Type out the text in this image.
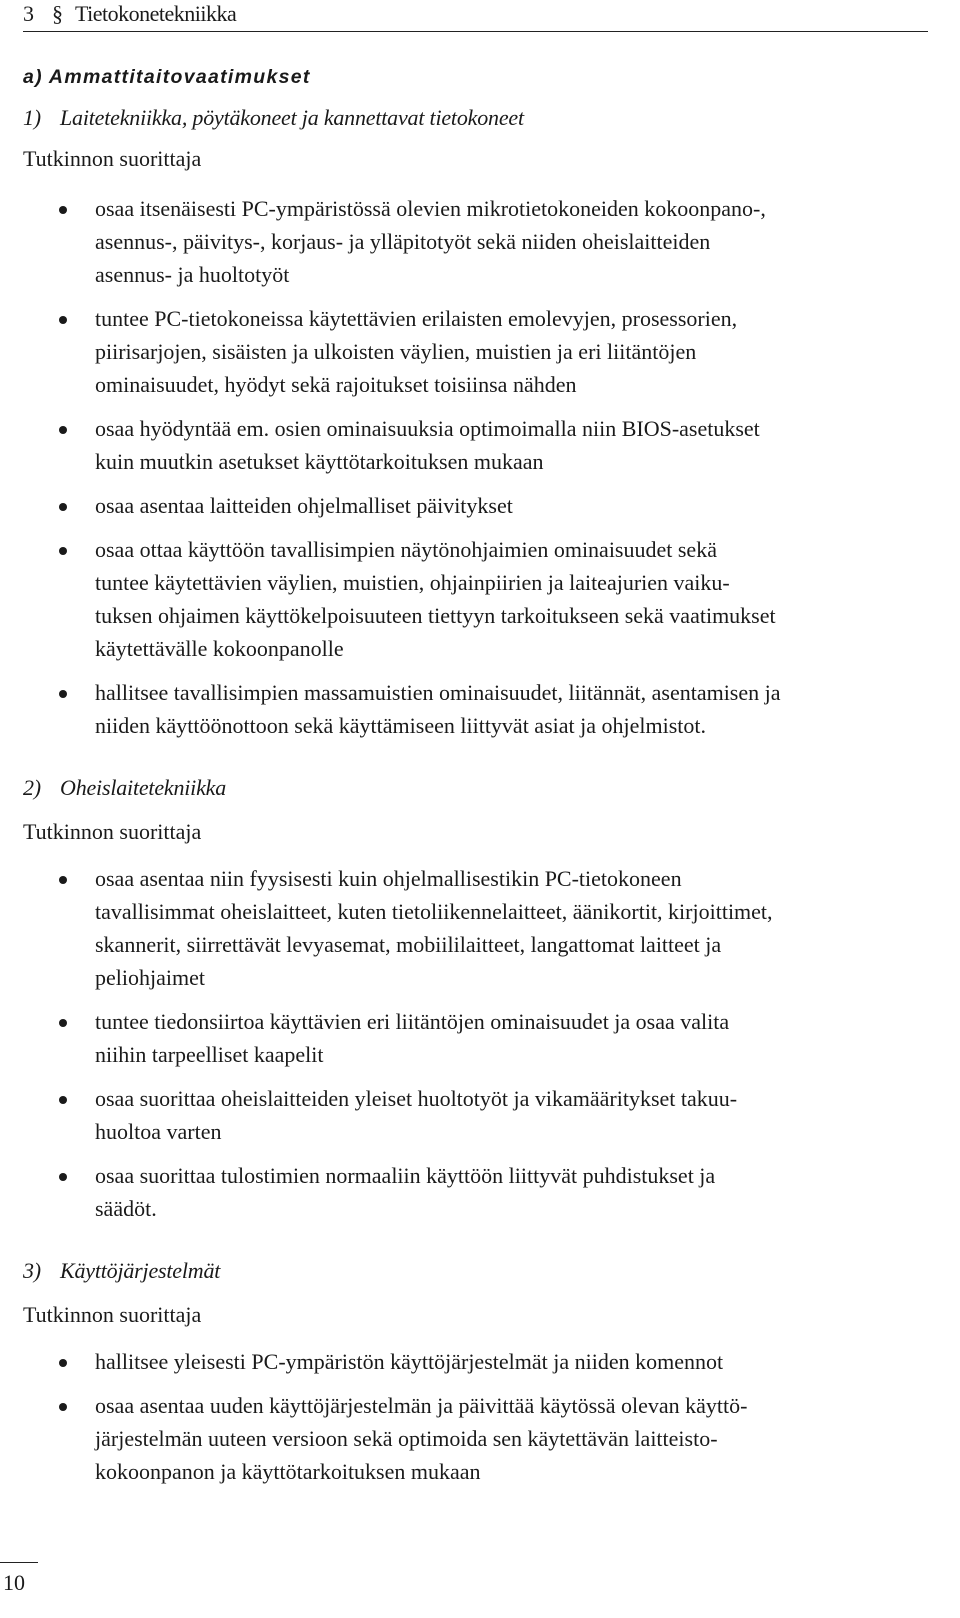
3 § Tietokonetekniikka
a) Ammattitaitovaatimukset
1) Laitetekniikka, pöytäkoneet ja kannettavat tietokoneet
Tutkinnon suorittaja
osaa itsenäisesti PC-ympäristössä olevien mikrotietokoneiden kokoonpano-,
asennus-, päivitys-, korjaus- ja ylläpitotyöt sekä niiden oheislaitteiden
asennus- ja huoltotyöt
tuntee PC-tietokoneissa käytettävien erilaisten emolevyjen, prosessorien,
piirisarjojen, sisäisten ja ulkoisten väylien, muistien ja eri liitäntöjen
ominaisuudet, hyödyt sekä rajoitukset toisiinsa nähden
osaa hyödyntää em. osien ominaisuuksia optimoimalla niin BIOS-asetukset
kuin muutkin asetukset käyttötarkoituksen mukaan
osaa asentaa laitteiden ohjelmalliset päivitykset
osaa ottaa käyttöön tavallisimpien näytönohjaimien ominaisuudet sekä
tuntee käytettävien väylien, muistien, ohjainpiirien ja laiteajurien vaiku-
tuksen ohjaimen käyttökelpoisuuteen tiettyyn tarkoitukseen sekä vaatimukset
käytettävälle kokoonpanolle
hallitsee tavallisimpien massamuistien ominaisuudet, liitännät, asentamisen ja
niiden käyttöönottoon sekä käyttämiseen liittyvät asiat ja ohjelmistot.
2) Oheislaitetekniikka
Tutkinnon suorittaja
osaa asentaa niin fyysisesti kuin ohjelmallisestikin PC-tietokoneen
tavallisimmat oheislaitteet, kuten tietoliikennelaitteet, äänikortit, kirjoittimet,
skannerit, siirrettävät levyasemat, mobiililaitteet, langattomat laitteet ja
peliohjaimet
tuntee tiedonsiirtoa käyttävien eri liitäntöjen ominaisuudet ja osaa valita
niihin tarpeelliset kaapelit
osaa suorittaa oheislaitteiden yleiset huoltotyöt ja vikamääritykset takuu-
huoltoa varten
osaa suorittaa tulostimien normaaliin käyttöön liittyvät puhdistukset ja
säädöt.
3) Käyttöjärjestelmät
Tutkinnon suorittaja
hallitsee yleisesti PC-ympäristön käyttöjärjestelmät ja niiden komennot
osaa asentaa uuden käyttöjärjestelmän ja päivittää käytössä olevan käyttö-
järjestelmän uuteen versioon sekä optimoida sen käytettävän laitteisto-
kokoonpanon ja käyttötarkoituksen mukaan
10
